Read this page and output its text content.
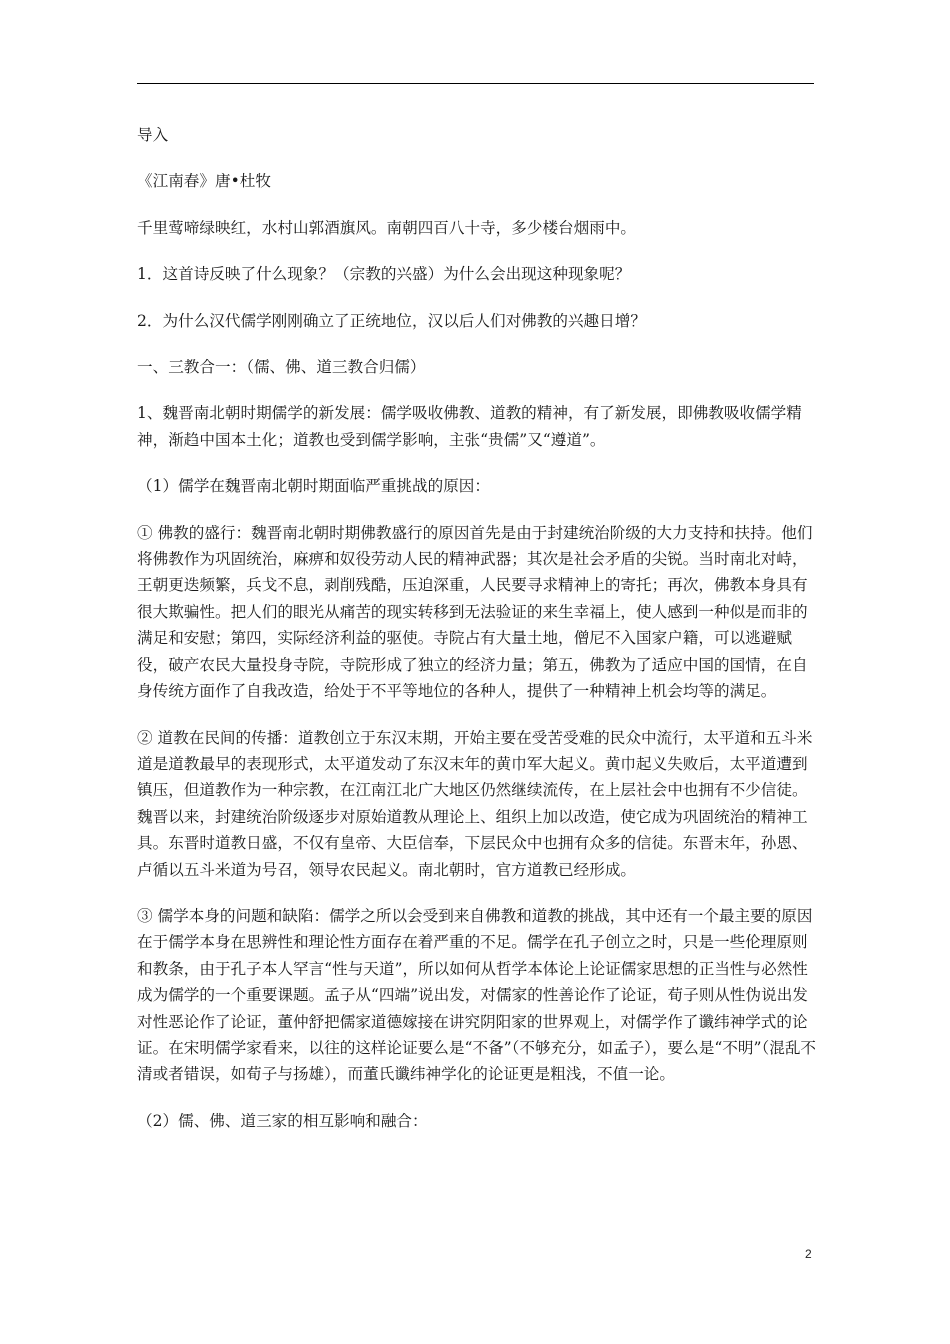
导入

《江南春》唐•杜牧

千里莺啼绿映红，水村山郭酒旗风。南朝四百八十寺，多少楼台烟雨中。

1．这首诗反映了什么现象？（宗教的兴盛）为什么会出现这种现象呢？

2．为什么汉代儒学刚刚确立了正统地位，汉以后人们对佛教的兴趣日增？

一、三教合一：（儒、佛、道三教合归儒）

1、魏晋南北朝时期儒学的新发展：儒学吸收佛教、道教的精神，有了新发展，即佛教吸收儒学精神，渐趋中国本土化；道教也受到儒学影响，主张“贵儒”又“遵道”。

（1）儒学在魏晋南北朝时期面临严重挑战的原因：

① 佛教的盛行：魏晋南北朝时期佛教盛行的原因首先是由于封建统治阶级的大力支持和扶持。他们将佛教作为巩固统治，麻痹和奴役劳动人民的精神武器；其次是社会矛盾的尖锐。当时南北对峙，王朝更迭频繁，兵戈不息，剥削残酷，压迫深重，人民要寻求精神上的寄托；再次，佛教本身具有很大欺骗性。把人们的眼光从痛苦的现实转移到无法验证的来生幸福上，使人感到一种似是而非的满足和安慰；第四，实际经济利益的驱使。寺院占有大量土地，僧尼不入国家户籍，可以逃避赋役，破产农民大量投身寺院，寺院形成了独立的经济力量；第五，佛教为了适应中国的国情，在自身传统方面作了自我改造，给处于不平等地位的各种人，提供了一种精神上机会均等的满足。

② 道教在民间的传播：道教创立于东汉末期，开始主要在受苦受难的民众中流行，太平道和五斗米道是道教最早的表现形式，太平道发动了东汉末年的黄巾军大起义。黄巾起义失败后，太平道遭到镇压，但道教作为一种宗教，在江南江北广大地区仍然继续流传，在上层社会中也拥有不少信徒。魏晋以来，封建统治阶级逐步对原始道教从理论上、组织上加以改造，使它成为巩固统治的精神工具。东晋时道教日盛，不仅有皇帝、大臣信奉，下层民众中也拥有众多的信徒。东晋末年，孙恩、卢循以五斗米道为号召，领导农民起义。南北朝时，官方道教已经形成。

③ 儒学本身的问题和缺陷：儒学之所以会受到来自佛教和道教的挑战，其中还有一个最主要的原因在于儒学本身在思辨性和理论性方面存在着严重的不足。儒学在孔子创立之时，只是一些伦理原则和教条，由于孔子本人罕言“性与天道”，所以如何从哲学本体论上论证儒家思想的正当性与必然性成为儒学的一个重要课题。孟子从“四端”说出发，对儒家的性善论作了论证，荀子则从性伪说出发对性恶论作了论证，董仲舒把儒家道德嫁接在讲究阴阳家的世界观上，对儒学作了谶纬神学式的论证。在宋明儒学家看来，以往的这样论证要么是“不备”（不够充分，如孟子），要么是“不明”（混乱不清或者错误，如荀子与扬雄），而董氏谶纬神学化的论证更是粗浅，不值一论。

（2）儒、佛、道三家的相互影响和融合：

2
